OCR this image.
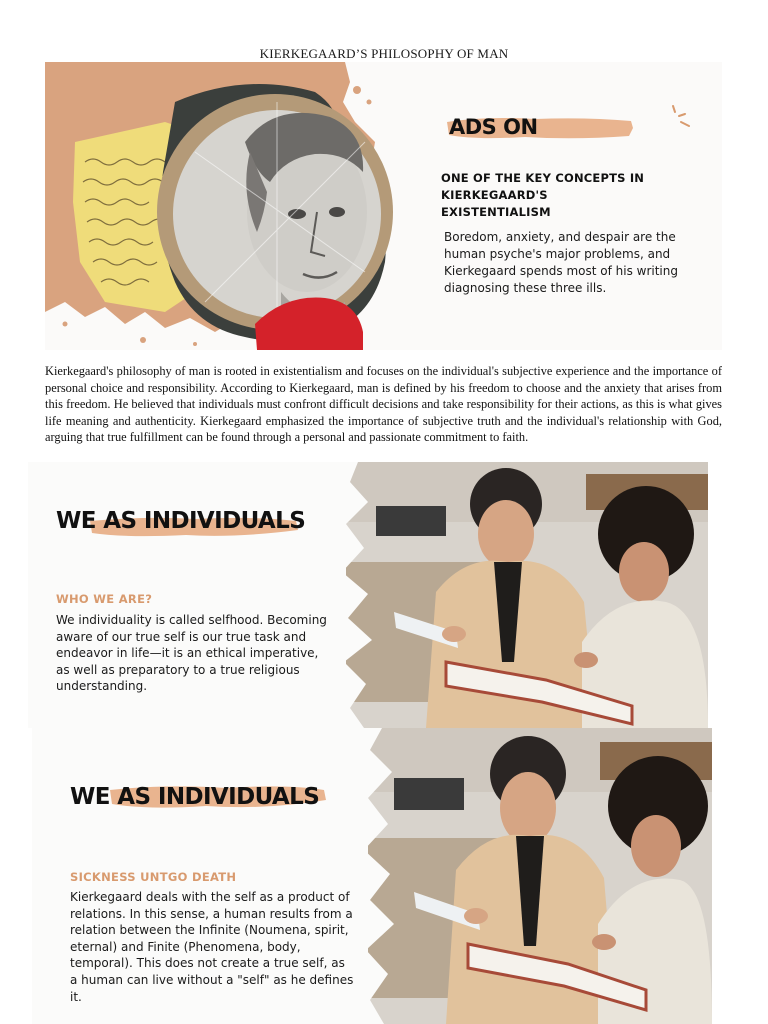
KIERKEGAARD’S PHILOSOPHY OF MAN
ADS ON
ONE OF THE KEY CONCEPTS IN KIERKEGAARD'S EXISTENTIALISM
Boredom, anxiety, and despair are the human psyche's major problems, and Kierkegaard spends most of his writing diagnosing these three ills.

Kierkegaard's philosophy of man is rooted in existentialism and focuses on the individual's subjective experience and the importance of personal choice and responsibility. According to Kierkegaard, man is defined by his freedom to choose and the anxiety that arises from this freedom. He believed that individuals must confront difficult decisions and take responsibility for their actions, as this is what gives life meaning and authenticity. Kierkegaard emphasized the importance of subjective truth and the individual's relationship with God, arguing that true fulfillment can be found through a personal and passionate commitment to faith.

WE AS INDIVIDUALS
WHO WE ARE?
We individuality is called selfhood. Becoming aware of our true self is our true task and endeavor in life—it is an ethical imperative, as well as preparatory to a true religious understanding.
WE AS INDIVIDUALS
SICKNESS UNTGO DEATH
Kierkegaard deals with the self as a product of relations. In this sense, a human results from a relation between the Infinite (Noumena, spirit, eternal) and Finite (Phenomena, body, temporal). This does not create a true self, as a human can live without a "self" as he defines it.
